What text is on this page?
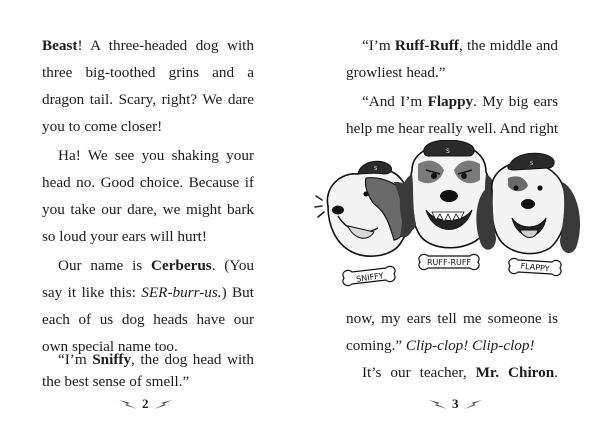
Beast! A three-headed dog with
three big-toothed grins and a
dragon tail. Scary, right? We dare
you to come closer!
Ha! We see you shaking your
head no. Good choice. Because if
you take our dare, we might bark
so loud your ears will hurt!
Our name is Cerberus. (You
say it like this: SER-burr-us.) But
each of us dog heads have our
own special name too.
“I’m Sniffy, the dog head with
the best sense of smell.”
2
“I’m Ruff-Ruff, the middle and
growliest head.”
“And I’m Flappy. My big ears
help me hear really well. And right
S
S
S
SNIFFY
RUFF-RUFF	FLAPPY
now, my ears tell me someone is
coming.” Clip-clop! Clip-clop!
It’s our teacher, Mr. Chiron.
3
